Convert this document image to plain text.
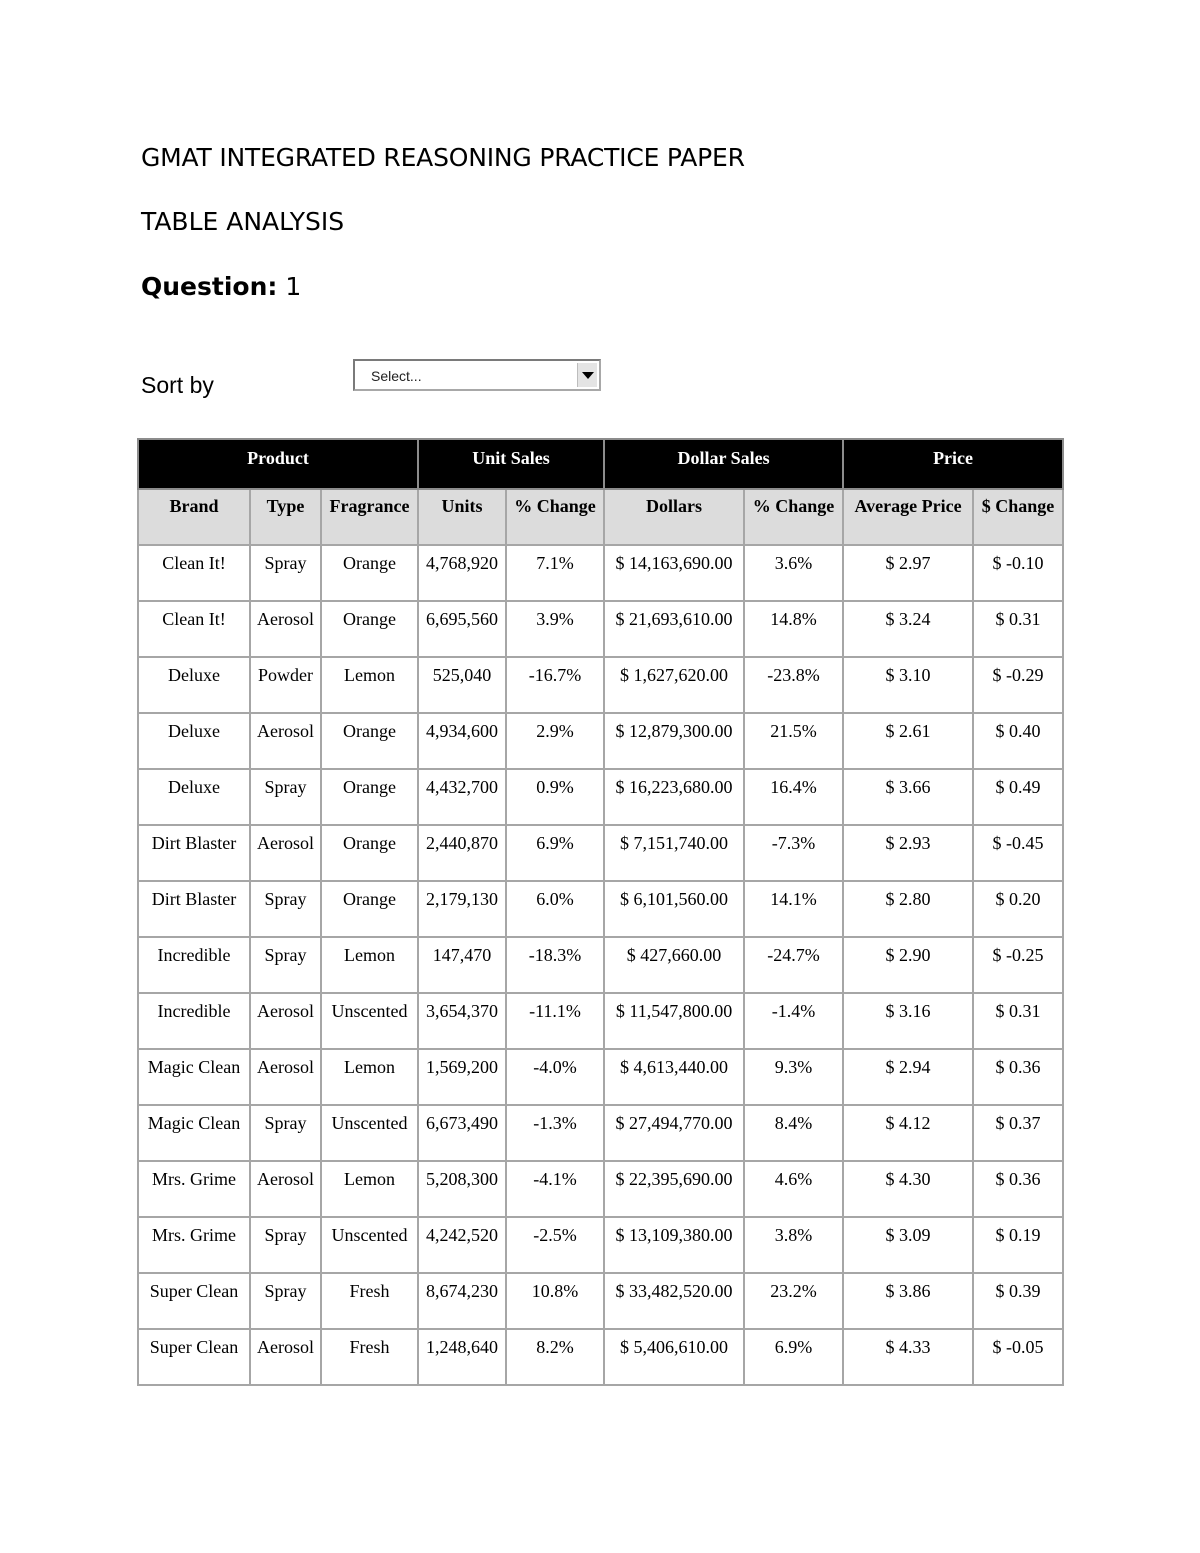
GMAT INTEGRATED REASONING PRACTICE PAPER
TABLE ANALYSIS
Question: 1
Sort by	Select...
Product			Unit Sales		Dollar Sales		Price	
Brand	Type	Fragrance	Units	% Change	Dollars	% Change	Average Price	$ Change
Clean It!	Spray	Orange	4,768,920	7.1%	$ 14,163,690.00	3.6%	$ 2.97	$ -0.10
Clean It!	Aerosol	Orange	6,695,560	3.9%	$ 21,693,610.00	14.8%	$ 3.24	$ 0.31
Deluxe	Powder	Lemon	525,040	-16.7%	$ 1,627,620.00	-23.8%	$ 3.10	$ -0.29
Deluxe	Aerosol	Orange	4,934,600	2.9%	$ 12,879,300.00	21.5%	$ 2.61	$ 0.40
Deluxe	Spray	Orange	4,432,700	0.9%	$ 16,223,680.00	16.4%	$ 3.66	$ 0.49
Dirt Blaster	Aerosol	Orange	2,440,870	6.9%	$ 7,151,740.00	-7.3%	$ 2.93	$ -0.45
Dirt Blaster	Spray	Orange	2,179,130	6.0%	$ 6,101,560.00	14.1%	$ 2.80	$ 0.20
Incredible	Spray	Lemon	147,470	-18.3%	$ 427,660.00	-24.7%	$ 2.90	$ -0.25
Incredible	Aerosol	Unscented	3,654,370	-11.1%	$ 11,547,800.00	-1.4%	$ 3.16	$ 0.31
Magic Clean	Aerosol	Lemon	1,569,200	-4.0%	$ 4,613,440.00	9.3%	$ 2.94	$ 0.36
Magic Clean	Spray	Unscented	6,673,490	-1.3%	$ 27,494,770.00	8.4%	$ 4.12	$ 0.37
Mrs. Grime	Aerosol	Lemon	5,208,300	-4.1%	$ 22,395,690.00	4.6%	$ 4.30	$ 0.36
Mrs. Grime	Spray	Unscented	4,242,520	-2.5%	$ 13,109,380.00	3.8%	$ 3.09	$ 0.19
Super Clean	Spray	Fresh	8,674,230	10.8%	$ 33,482,520.00	23.2%	$ 3.86	$ 0.39
Super Clean	Aerosol	Fresh	1,248,640	8.2%	$ 5,406,610.00	6.9%	$ 4.33	$ -0.05
